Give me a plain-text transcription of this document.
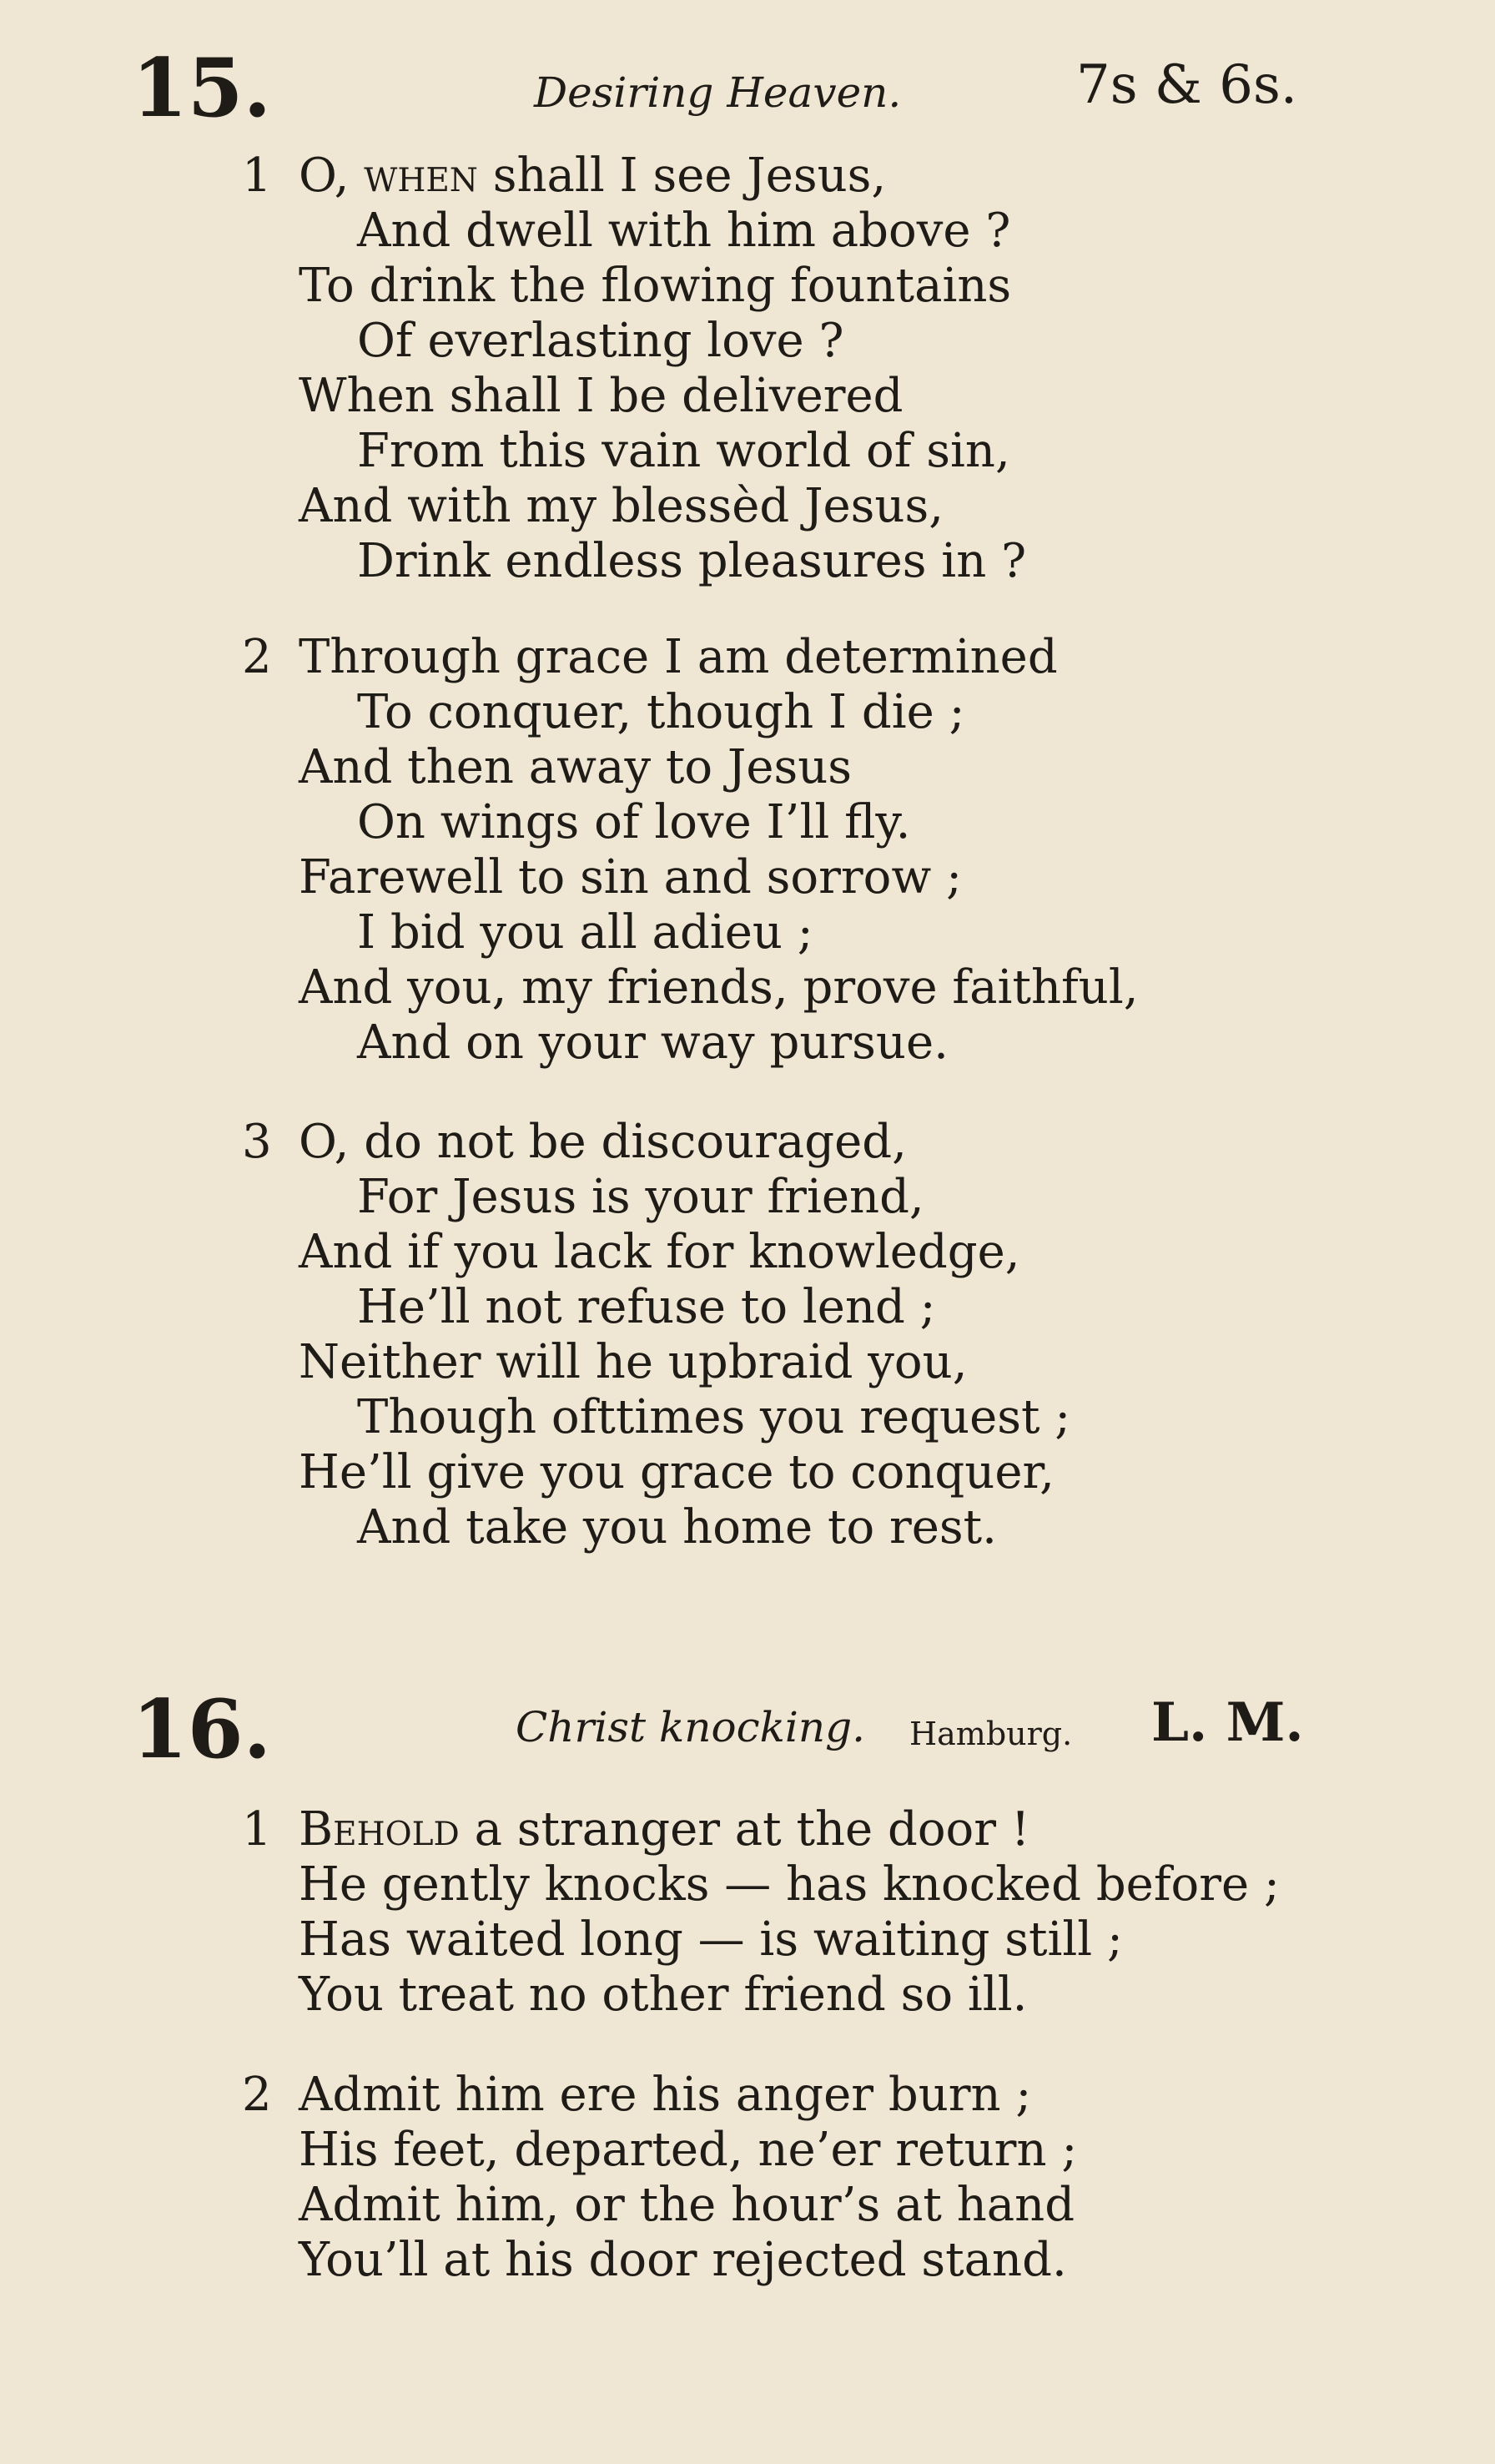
15.	Desiring Heaven.	7s & 6s.
1 O, when shall I see Jesus,
And dwell with him above ?
To drink the flowing fountains
Of everlasting love ?
When shall I be delivered
From this vain world of sin,
And with my blessèd Jesus,
Drink endless pleasures in ?
2 Through grace I am determined
To conquer, though I die ;
And then away to Jesus
On wings of love I’ll fly.
Farewell to sin and sorrow ;
I bid you all adieu ;
And you, my friends, prove faithful,
And on your way pursue.
3 O, do not be discouraged,
For Jesus is your friend,
And if you lack for knowledge,
He’ll not refuse to lend ;
Neither will he upbraid you,
Though ofttimes you request ;
He’ll give you grace to conquer,
And take you home to rest.
16.	Christ knocking. Hamburg. L. M.
1 Behold a stranger at the door !
He gently knocks — has knocked before ;
Has waited long — is waiting still ;
You treat no other friend so ill.
2 Admit him ere his anger burn ;
His feet, departed, ne’er return ;
Admit him, or the hour’s at hand
You’ll at his door rejected stand.
